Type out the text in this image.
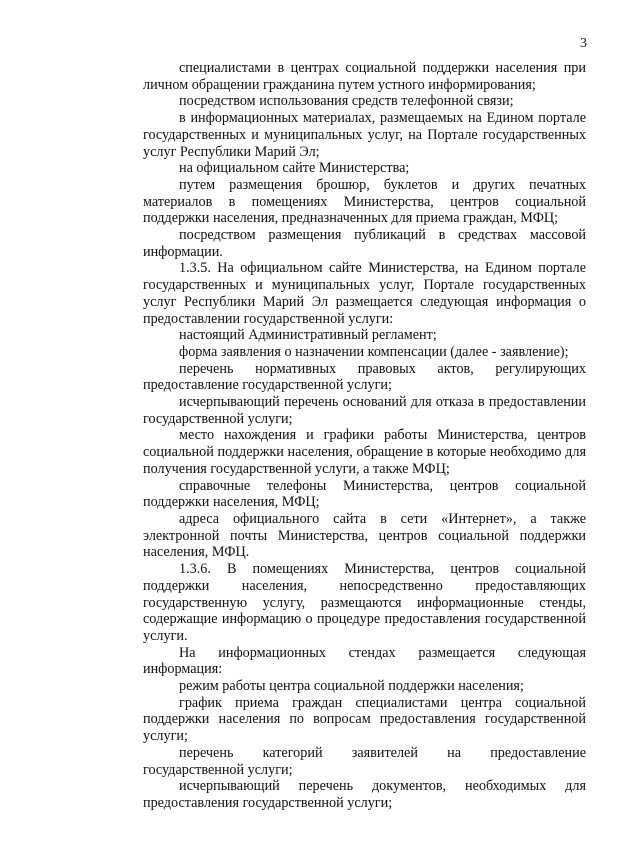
3

специалистами в центрах социальной поддержки населения при личном обращении гражданина путем устного информирования;

посредством использования средств телефонной связи;

в информационных материалах, размещаемых на Едином портале государственных и муниципальных услуг, на Портале государственных услуг Республики Марий Эл;

на официальном сайте Министерства;

путем размещения брошюр, буклетов и других печатных материалов в помещениях Министерства, центров социальной поддержки населения, предназначенных для приема граждан, МФЦ;

посредством размещения публикаций в средствах массовой информации.

1.3.5. На официальном сайте Министерства, на Едином портале государственных и муниципальных услуг, Портале государственных услуг Республики Марий Эл размещается следующая информация о предоставлении государственной услуги:

настоящий Административный регламент;

форма заявления о назначении компенсации (далее - заявление);

перечень нормативных правовых актов, регулирующих предоставление государственной услуги;

исчерпывающий перечень оснований для отказа в предоставлении государственной услуги;

место нахождения и графики работы Министерства, центров социальной поддержки населения, обращение в которые необходимо для получения государственной услуги, а также МФЦ;

справочные телефоны Министерства, центров социальной поддержки населения, МФЦ;

адреса официального сайта в сети «Интернет», а также электронной почты Министерства, центров социальной поддержки населения, МФЦ.

1.3.6. В помещениях Министерства, центров социальной поддержки населения, непосредственно предоставляющих государственную услугу, размещаются информационные стенды, содержащие информацию о процедуре предоставления государственной услуги.

На информационных стендах размещается следующая информация:

режим работы центра социальной поддержки населения;

график приема граждан специалистами центра социальной поддержки населения по вопросам предоставления государственной услуги;

перечень категорий заявителей на предоставление государственной услуги;

исчерпывающий перечень документов, необходимых для предоставления государственной услуги;
